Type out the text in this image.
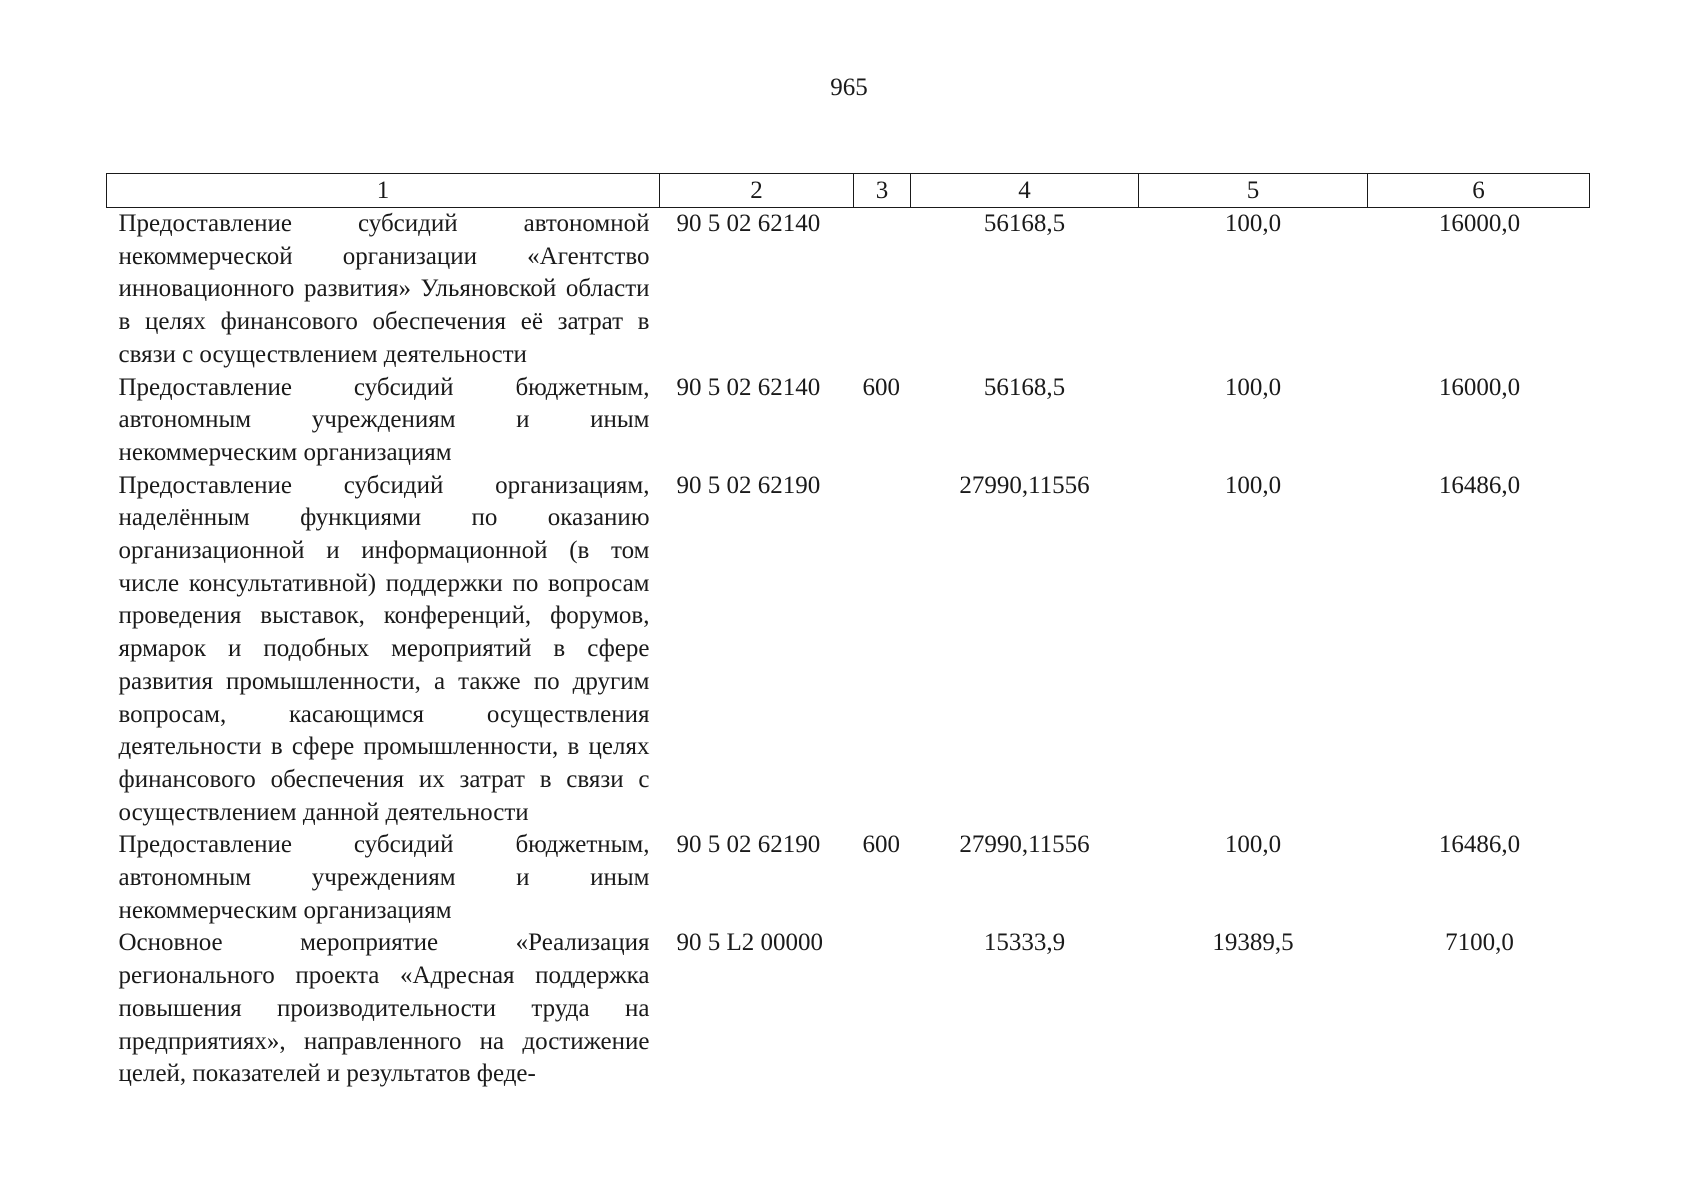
965
1	2	3	4	5	6
Предоставление субсидий автономной некоммерческой организации «Агентство инновационного развития» Ульяновской области в целях финансового обеспечения её затрат в связи с осуществлением деятельности	90 5 02 62140		56168,5	100,0	16000,0
Предоставление субсидий бюджетным, автономным учреждениям и иным некоммерческим организациям	90 5 02 62140	600	56168,5	100,0	16000,0
Предоставление субсидий организациям, наделённым функциями по оказанию организационной и информационной (в том числе консультативной) поддержки по вопросам проведения выставок, конференций, форумов, ярмарок и подобных мероприятий в сфере развития промышленности, а также по другим вопросам, касающимся осуществления деятельности в сфере промышленности, в целях финансового обеспечения их затрат в связи с осуществлением данной деятельности	90 5 02 62190		27990,11556	100,0	16486,0
Предоставление субсидий бюджетным, автономным учреждениям и иным некоммерческим организациям	90 5 02 62190	600	27990,11556	100,0	16486,0
Основное мероприятие «Реализация регионального проекта «Адресная поддержка повышения производительности труда на предприятиях», направленного на достижение целей, показателей и результатов феде-	90 5 L2 00000		15333,9	19389,5	7100,0
